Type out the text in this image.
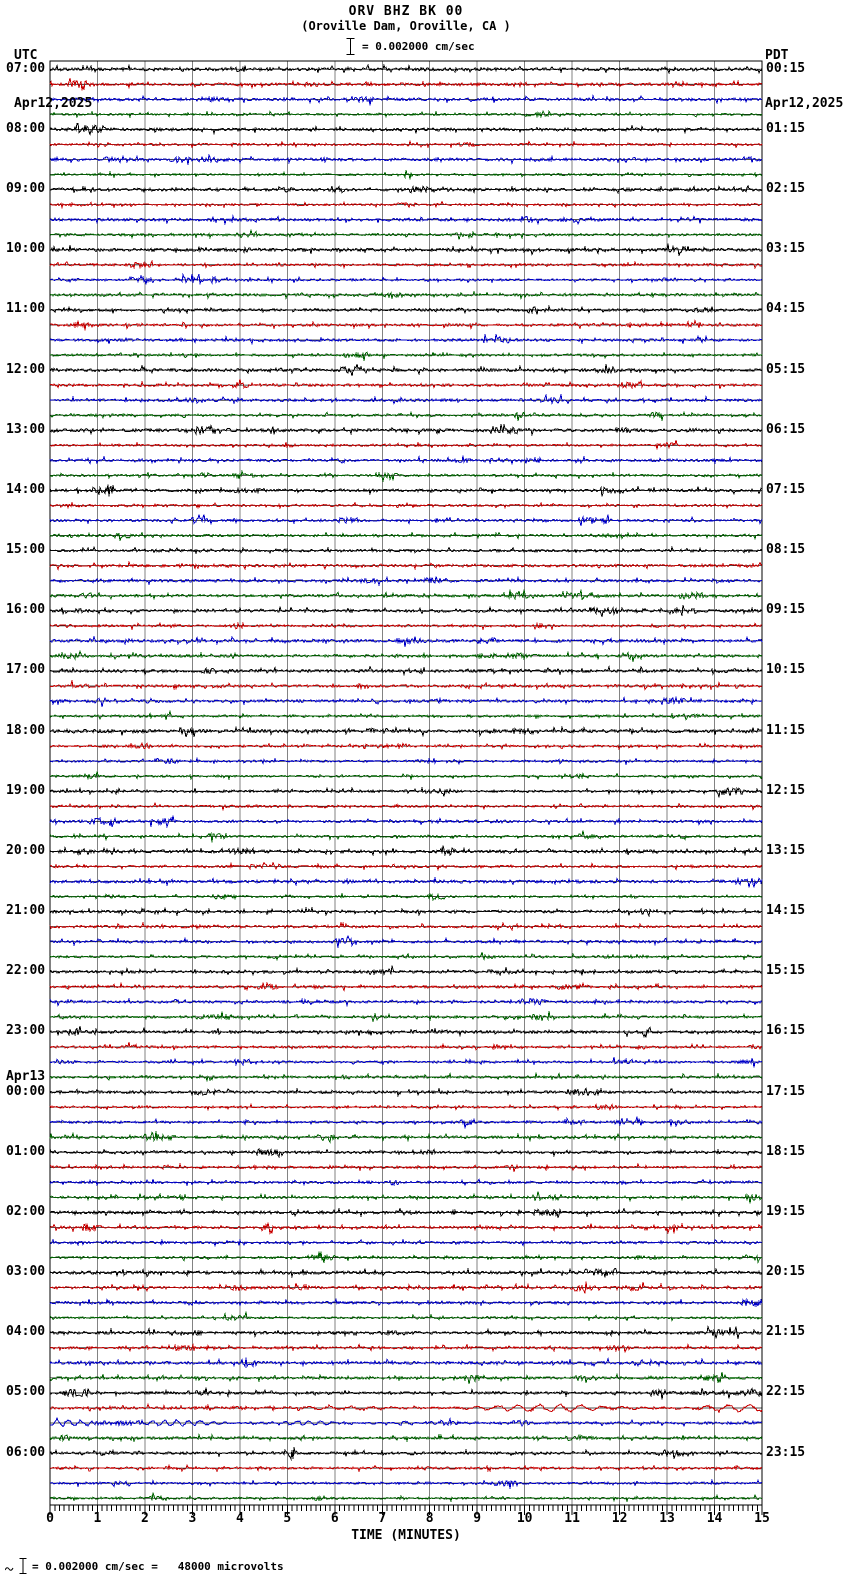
UTC

Apr12,2025

ORV BHZ BK 00
(Oroville Dam, Oroville, CA )
= 0.002000 cm/sec

PDT

Apr12,2025

07:00
08:00
09:00
10:00
11:00
12:00
13:00
14:00
15:00
16:00
17:00
18:00
19:00
20:00
21:00
22:00
23:00
00:00
Apr13
01:00
02:00
03:00
04:00
05:00
06:00
00:15
01:15
02:15
03:15
04:15
05:15
06:15
07:15
08:15
09:15
10:15
11:15
12:15
13:15
14:15
15:15
16:15
17:15
18:15
19:15
20:15
21:15
22:15
23:15
0	1	2	3	4	5	6	7	8	9	10	11	12	13	14	15
TIME (MINUTES)
= 0.002000 cm/sec =   48000 microvolts
